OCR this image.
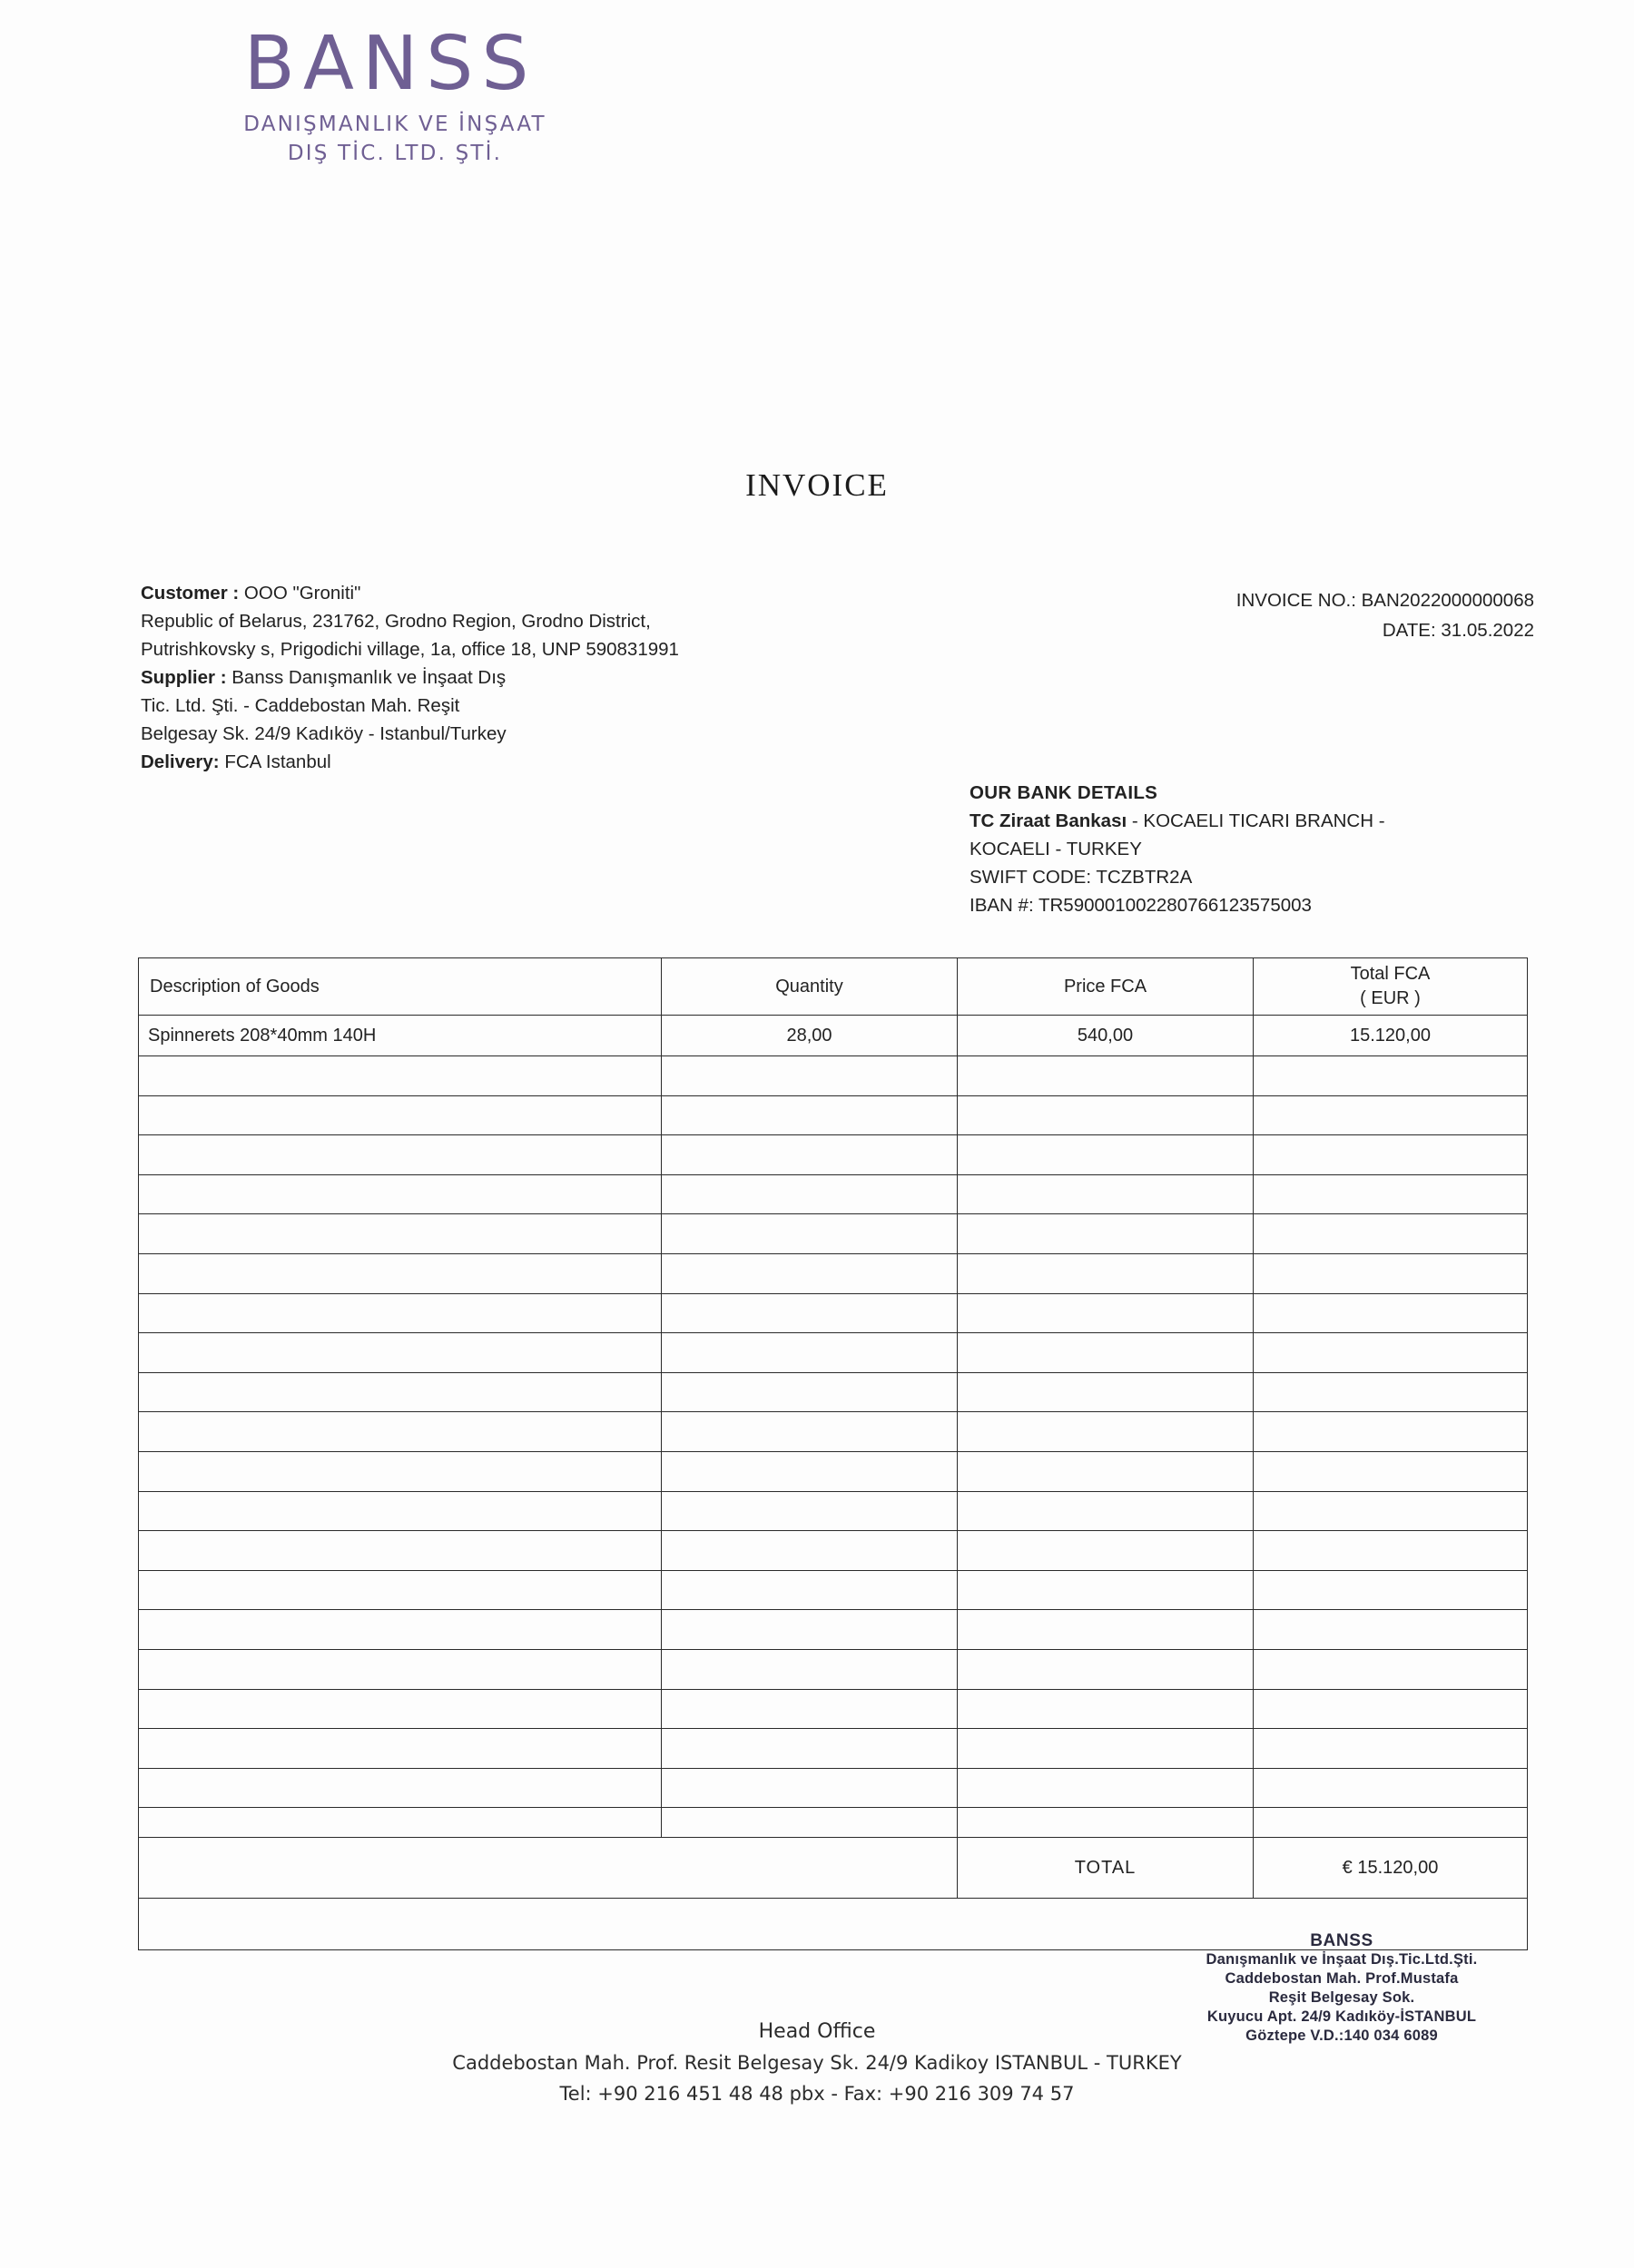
BANSS
DANIŞMANLIK VE İNŞAAT
DIŞ TİC. LTD. ŞTİ.
INVOICE
Customer : OOO "Groniti"
Republic of Belarus, 231762, Grodno Region, Grodno District,
Putrishkovsky s, Prigodichi village, 1a, office 18, UNP 590831991
Supplier : Banss Danışmanlık ve İnşaat Dış
Tic. Ltd. Şti. - Caddebostan Mah. Reşit
Belgesay Sk. 24/9 Kadıköy - Istanbul/Turkey
Delivery: FCA Istanbul
INVOICE NO.: BAN2022000000068
DATE: 31.05.2022
OUR BANK DETAILS
TC Ziraat Bankası - KOCAELI TICARI BRANCH -
KOCAELI - TURKEY
SWIFT CODE: TCZBTR2A
IBAN #: TR590001002280766123575003
Description of Goods	Quantity	Price FCA	Total FCA
( EUR )

Spinnerets 208*40mm 140H	28,00	540,00	15.120,00

		TOTAL	€ 15.120,00

BANSS
Danışmanlık ve İnşaat Dış.Tic.Ltd.Şti.
Caddebostan Mah. Prof.Mustafa
Reşit Belgesay Sok.
Kuyucu Apt. 24/9 Kadıköy-İSTANBUL
Göztepe V.D.:140 034 6089
Head Office
Caddebostan Mah. Prof. Resit Belgesay Sk. 24/9 Kadikoy ISTANBUL - TURKEY
Tel: +90 216 451 48 48 pbx - Fax: +90 216 309 74 57
